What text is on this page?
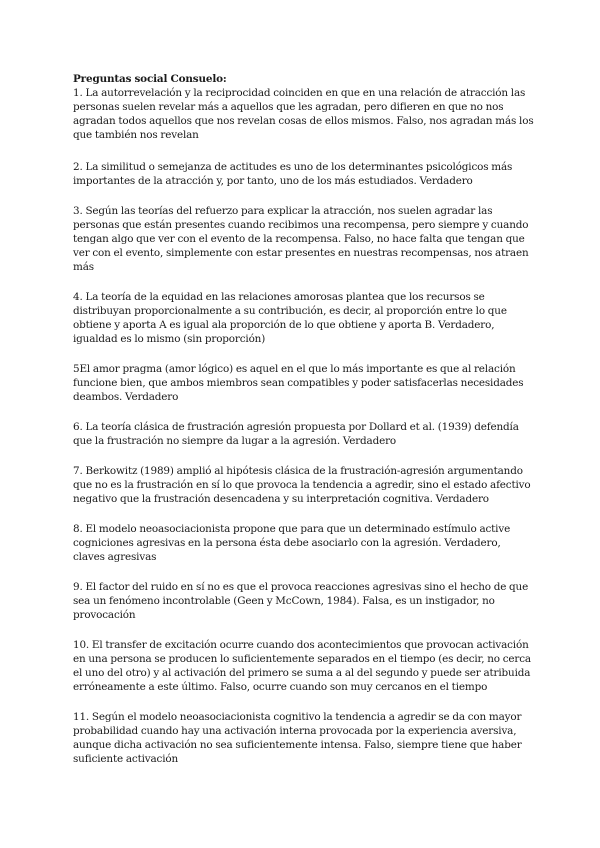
Preguntas social Consuelo:
1. La autorrevelación y la reciprocidad coinciden en que en una relación de atracción las personas suelen revelar más a aquellos que les agradan, pero difieren en que no nos agradan todos aquellos que nos revelan cosas de ellos mismos. Falso, nos agradan más los que también nos revelan

2. La similitud o semejanza de actitudes es uno de los determinantes psicológicos más importantes de la atracción y, por tanto, uno de los más estudiados. Verdadero

3. Según las teorías del refuerzo para explicar la atracción, nos suelen agradar las personas que están presentes cuando recibimos una recompensa, pero siempre y cuando tengan algo que ver con el evento de la recompensa. Falso, no hace falta que tengan que ver con el evento, simplemente con estar presentes en nuestras recompensas, nos atraen más

4. La teoría de la equidad en las relaciones amorosas plantea que los recursos se distribuyan proporcionalmente a su contribución, es decir, al proporción entre lo que obtiene y aporta A es igual ala proporción de lo que obtiene y aporta B. Verdadero, igualdad es lo mismo (sin proporción)

5El amor pragma (amor lógico) es aquel en el que lo más importante es que al relación funcione bien, que ambos miembros sean compatibles y poder satisfacerlas necesidades deambos. Verdadero

6. La teoría clásica de frustración agresión propuesta por Dollard et al. (1939) defendía que la frustración no siempre da lugar a la agresión. Verdadero

7. Berkowitz (1989) amplió al hipótesis clásica de la frustración-agresión argumentando que no es la frustración en sí lo que provoca la tendencia a agredir, sino el estado afectivo negativo que la frustración desencadena y su interpretación cognitiva. Verdadero

8. El modelo neoasociacionista propone que para que un determinado estímulo active cogniciones agresivas en la persona ésta debe asociarlo con la agresión. Verdadero, claves agresivas

9. El factor del ruido en sí no es que el provoca reacciones agresivas sino el hecho de que sea un fenómeno incontrolable (Geen y McCown, 1984). Falsa, es un instigador, no provocación

10. El transfer de excitación ocurre cuando dos acontecimientos que provocan activación en una persona se producen lo suficientemente separados en el tiempo (es decir, no cerca el uno del otro) y al activación del primero se suma a al del segundo y puede ser atribuida erróneamente a este último. Falso, ocurre cuando son muy cercanos en el tiempo

11. Según el modelo neoasociacionista cognitivo la tendencia a agredir se da con mayor probabilidad cuando hay una activación interna provocada por la experiencia aversiva, aunque dicha activación no sea suficientemente intensa. Falso, siempre tiene que haber suficiente activación
